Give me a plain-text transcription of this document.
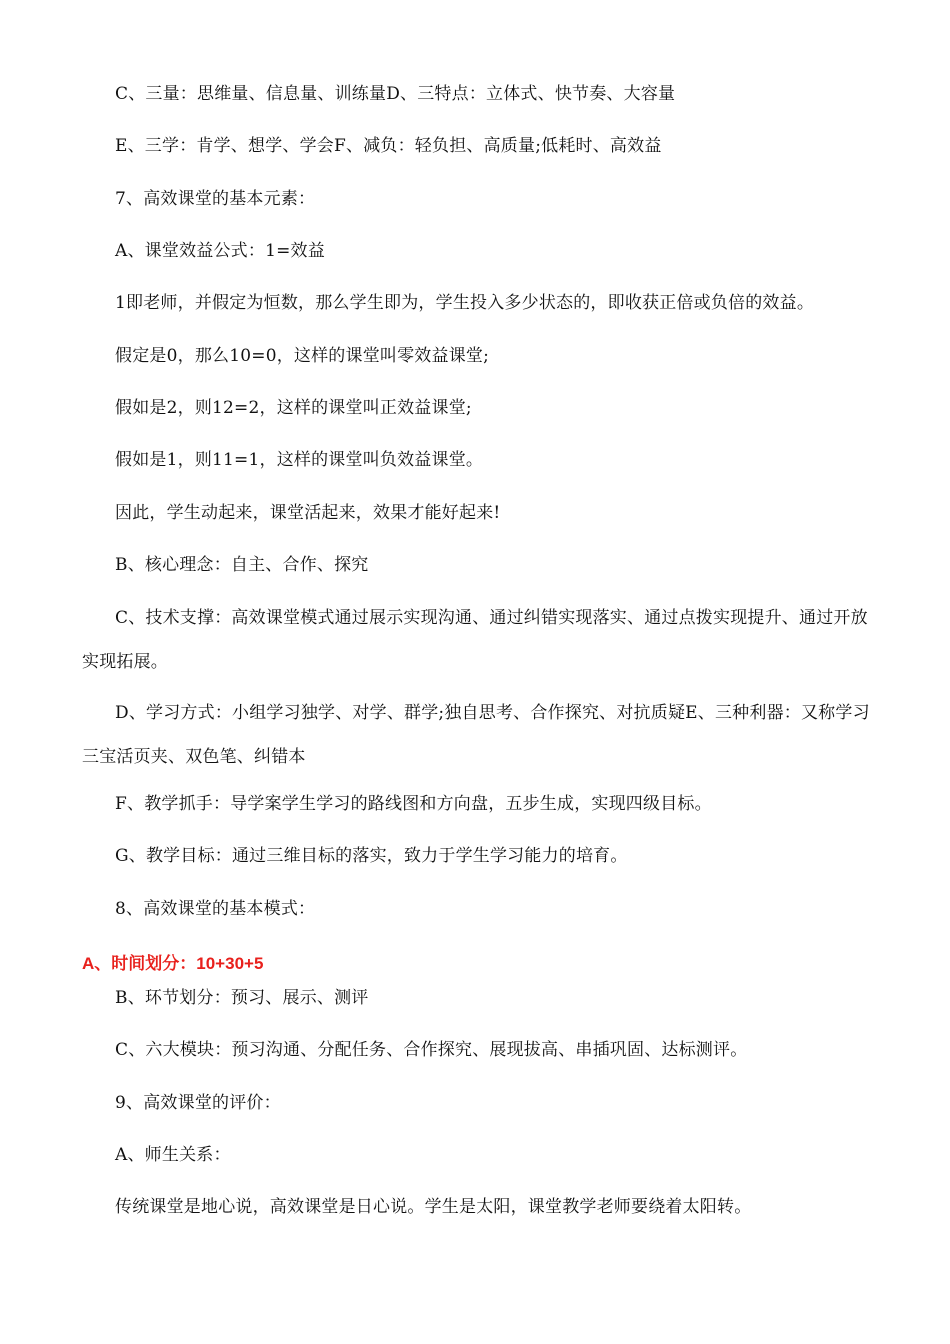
C、三量：思维量、信息量、训练量D、三特点：立体式、快节奏、大容量
E、三学：肯学、想学、学会F、减负：轻负担、高质量;低耗时、高效益
7、高效课堂的基本元素：
A、课堂效益公式：1=效益
1即老师，并假定为恒数，那么学生即为，学生投入多少状态的，即收获正倍或负倍的效益。
假定是0，那么10=0，这样的课堂叫零效益课堂;
假如是2，则12=2，这样的课堂叫正效益课堂;
假如是1，则11=1，这样的课堂叫负效益课堂。
因此，学生动起来，课堂活起来，效果才能好起来!
B、核心理念：自主、合作、探究
C、技术支撑：高效课堂模式通过展示实现沟通、通过纠错实现落实、通过点拨实现提升、通过开放实现拓展。
D、学习方式：小组学习独学、对学、群学;独自思考、合作探究、对抗质疑E、三种利器：又称学习三宝活页夹、双色笔、纠错本
F、教学抓手：导学案学生学习的路线图和方向盘，五步生成，实现四级目标。
G、教学目标：通过三维目标的落实，致力于学生学习能力的培育。
8、高效课堂的基本模式：
A、时间划分：10+30+5
B、环节划分：预习、展示、测评
C、六大模块：预习沟通、分配任务、合作探究、展现拔高、串插巩固、达标测评。
9、高效课堂的评价：
A、师生关系：
传统课堂是地心说，高效课堂是日心说。学生是太阳，课堂教学老师要绕着太阳转。
